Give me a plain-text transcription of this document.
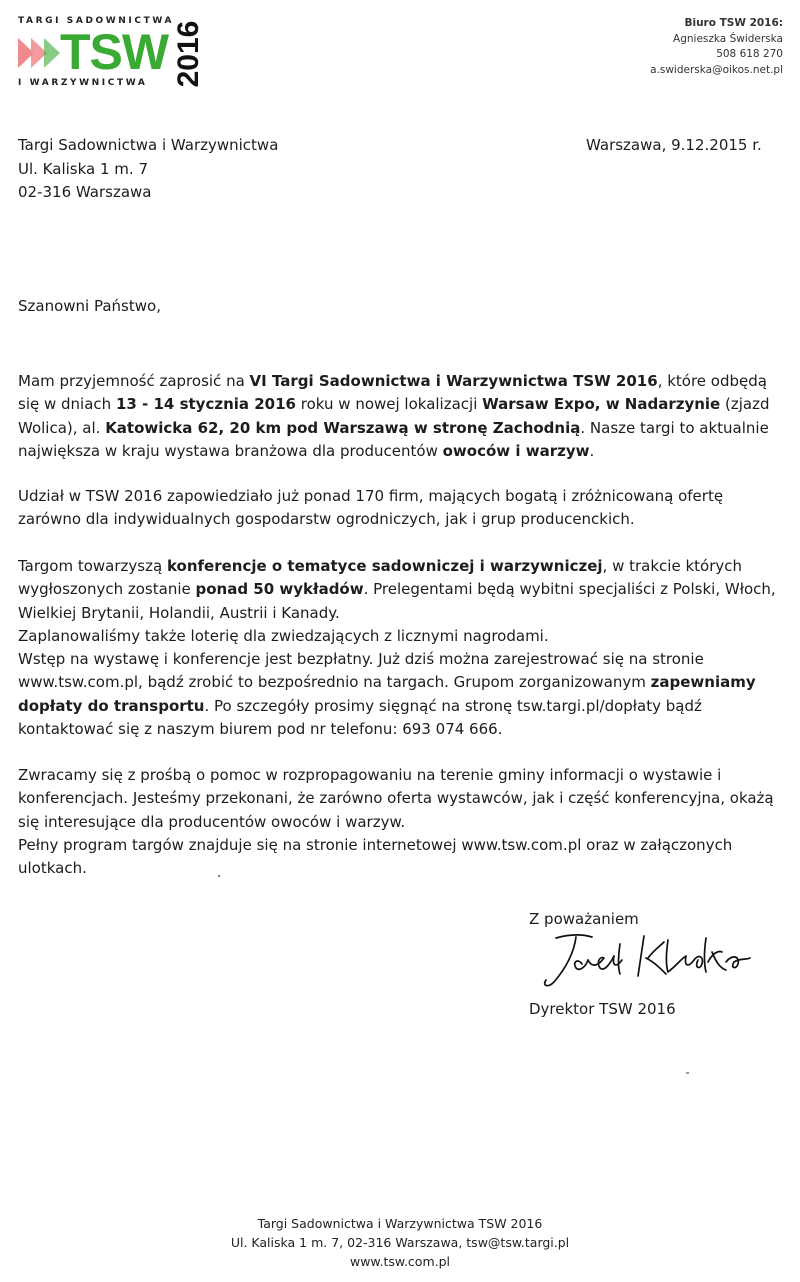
TARGI SADOWNICTWA
TSW 2016
I WARZYWNICTWA
Biuro TSW 2016:
Agnieszka Świderska
508 618 270
a.swiderska@oikos.net.pl
Targi Sadownictwa i Warzywnictwa
Ul. Kaliska 1 m. 7
02-316 Warszawa
Warszawa, 9.12.2015 r.
Szanowni Państwo,
Mam przyjemność zaprosić na VI Targi Sadownictwa i Warzywnictwa TSW 2016, które odbędą się w dniach 13 - 14 stycznia 2016 roku w nowej lokalizacji Warsaw Expo, w Nadarzynie (zjazd Wolica), al. Katowicka 62, 20 km pod Warszawą w stronę Zachodnią. Nasze targi to aktualnie największa w kraju wystawa branżowa dla producentów owoców i warzyw.
Udział w TSW 2016 zapowiedziało już ponad 170 firm, mających bogatą i zróżnicowaną ofertę zarówno dla indywidualnych gospodarstw ogrodniczych, jak i grup producenckich.
Targom towarzyszą konferencje o tematyce sadowniczej i warzywniczej, w trakcie których wygłoszonych zostanie ponad 50 wykładów. Prelegentami będą wybitni specjaliści z Polski, Włoch, Wielkiej Brytanii, Holandii, Austrii i Kanady.
Zaplanowaliśmy także loterię dla zwiedzających z licznymi nagrodami.
Wstęp na wystawę i konferencje jest bezpłatny. Już dziś można zarejestrować się na stronie www.tsw.com.pl, bądź zrobić to bezpośrednio na targach. Grupom zorganizowanym zapewniamy dopłaty do transportu. Po szczegóły prosimy sięgnąć na stronę tsw.targi.pl/dopłaty bądź kontaktować się z naszym biurem pod nr telefonu: 693 074 666.
Zwracamy się z prośbą o pomoc w rozpropagowaniu na terenie gminy informacji o wystawie i konferencjach. Jesteśmy przekonani, że zarówno oferta wystawców, jak i część konferencyjna, okażą się interesujące dla producentów owoców i warzyw.
Pełny program targów znajduje się na stronie internetowej www.tsw.com.pl oraz w załączonych ulotkach.
Z poważaniem
Dyrektor TSW 2016
Targi Sadownictwa i Warzywnictwa TSW 2016
Ul. Kaliska 1 m. 7, 02-316 Warszawa, tsw@tsw.targi.pl
www.tsw.com.pl
